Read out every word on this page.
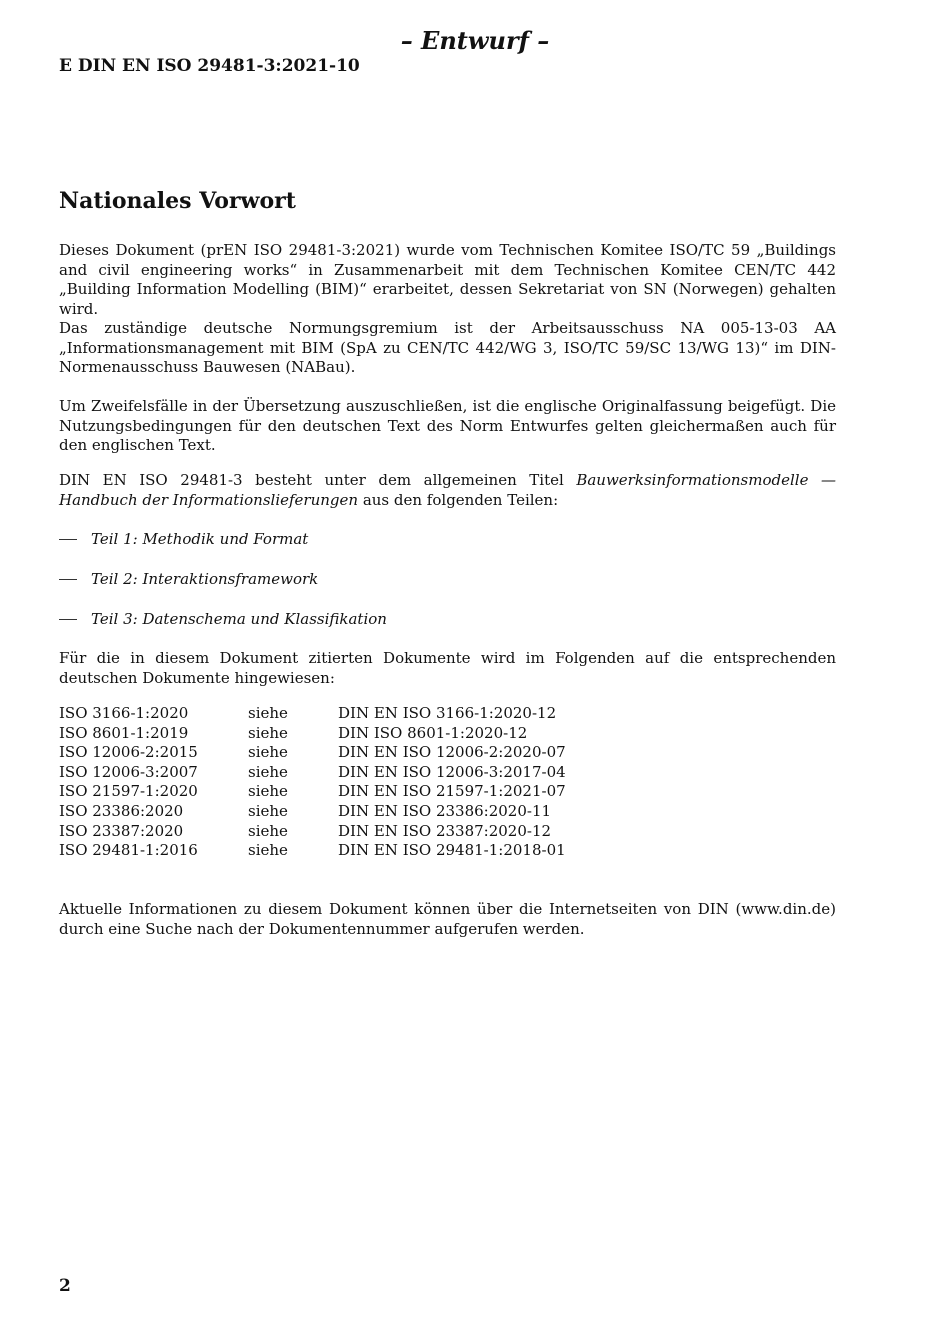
– Entwurf –

E DIN EN ISO 29481-3:2021-10

Nationales Vorwort

Dieses Dokument (prEN ISO 29481-3:2021) wurde vom Technischen Komitee ISO/TC 59 „Buildings and civil engineering works“ in Zusammenarbeit mit dem Technischen Komitee CEN/TC 442 „Building Information Modelling (BIM)“ erarbeitet, dessen Sekretariat von SN (Norwegen) gehalten wird.

Das zuständige deutsche Normungsgremium ist der Arbeitsausschuss NA 005-13-03 AA „Informationsmanagement mit BIM (SpA zu CEN/TC 442/WG 3, ISO/TC 59/SC 13/WG 13)“ im DIN-Normenausschuss Bauwesen (NABau).

Um Zweifelsfälle in der Übersetzung auszuschließen, ist die englische Originalfassung beigefügt. Die Nutzungsbedingungen für den deutschen Text des Norm Entwurfes gelten gleichermaßen auch für den englischen Text.

DIN EN ISO 29481-3 besteht unter dem allgemeinen Titel Bauwerksinformationsmodelle — Handbuch der Informationslieferungen aus den folgenden Teilen:

Teil 1: Methodik und Format

Teil 2: Interaktionsframework

Teil 3: Datenschema und Klassifikation

Für die in diesem Dokument zitierten Dokumente wird im Folgenden auf die entsprechenden deutschen Dokumente hingewiesen:

ISO 3166-1:2020	siehe	DIN EN ISO 3166-1:2020-12
ISO 8601-1:2019	siehe	DIN ISO 8601-1:2020-12
ISO 12006-2:2015	siehe	DIN EN ISO 12006-2:2020-07
ISO 12006-3:2007	siehe	DIN EN ISO 12006-3:2017-04
ISO 21597-1:2020	siehe	DIN EN ISO 21597-1:2021-07
ISO 23386:2020	siehe	DIN EN ISO 23386:2020-11
ISO 23387:2020	siehe	DIN EN ISO 23387:2020-12
ISO 29481-1:2016	siehe	DIN EN ISO 29481-1:2018-01

Aktuelle Informationen zu diesem Dokument können über die Internetseiten von DIN (www.din.de) durch eine Suche nach der Dokumentennummer aufgerufen werden.

2
